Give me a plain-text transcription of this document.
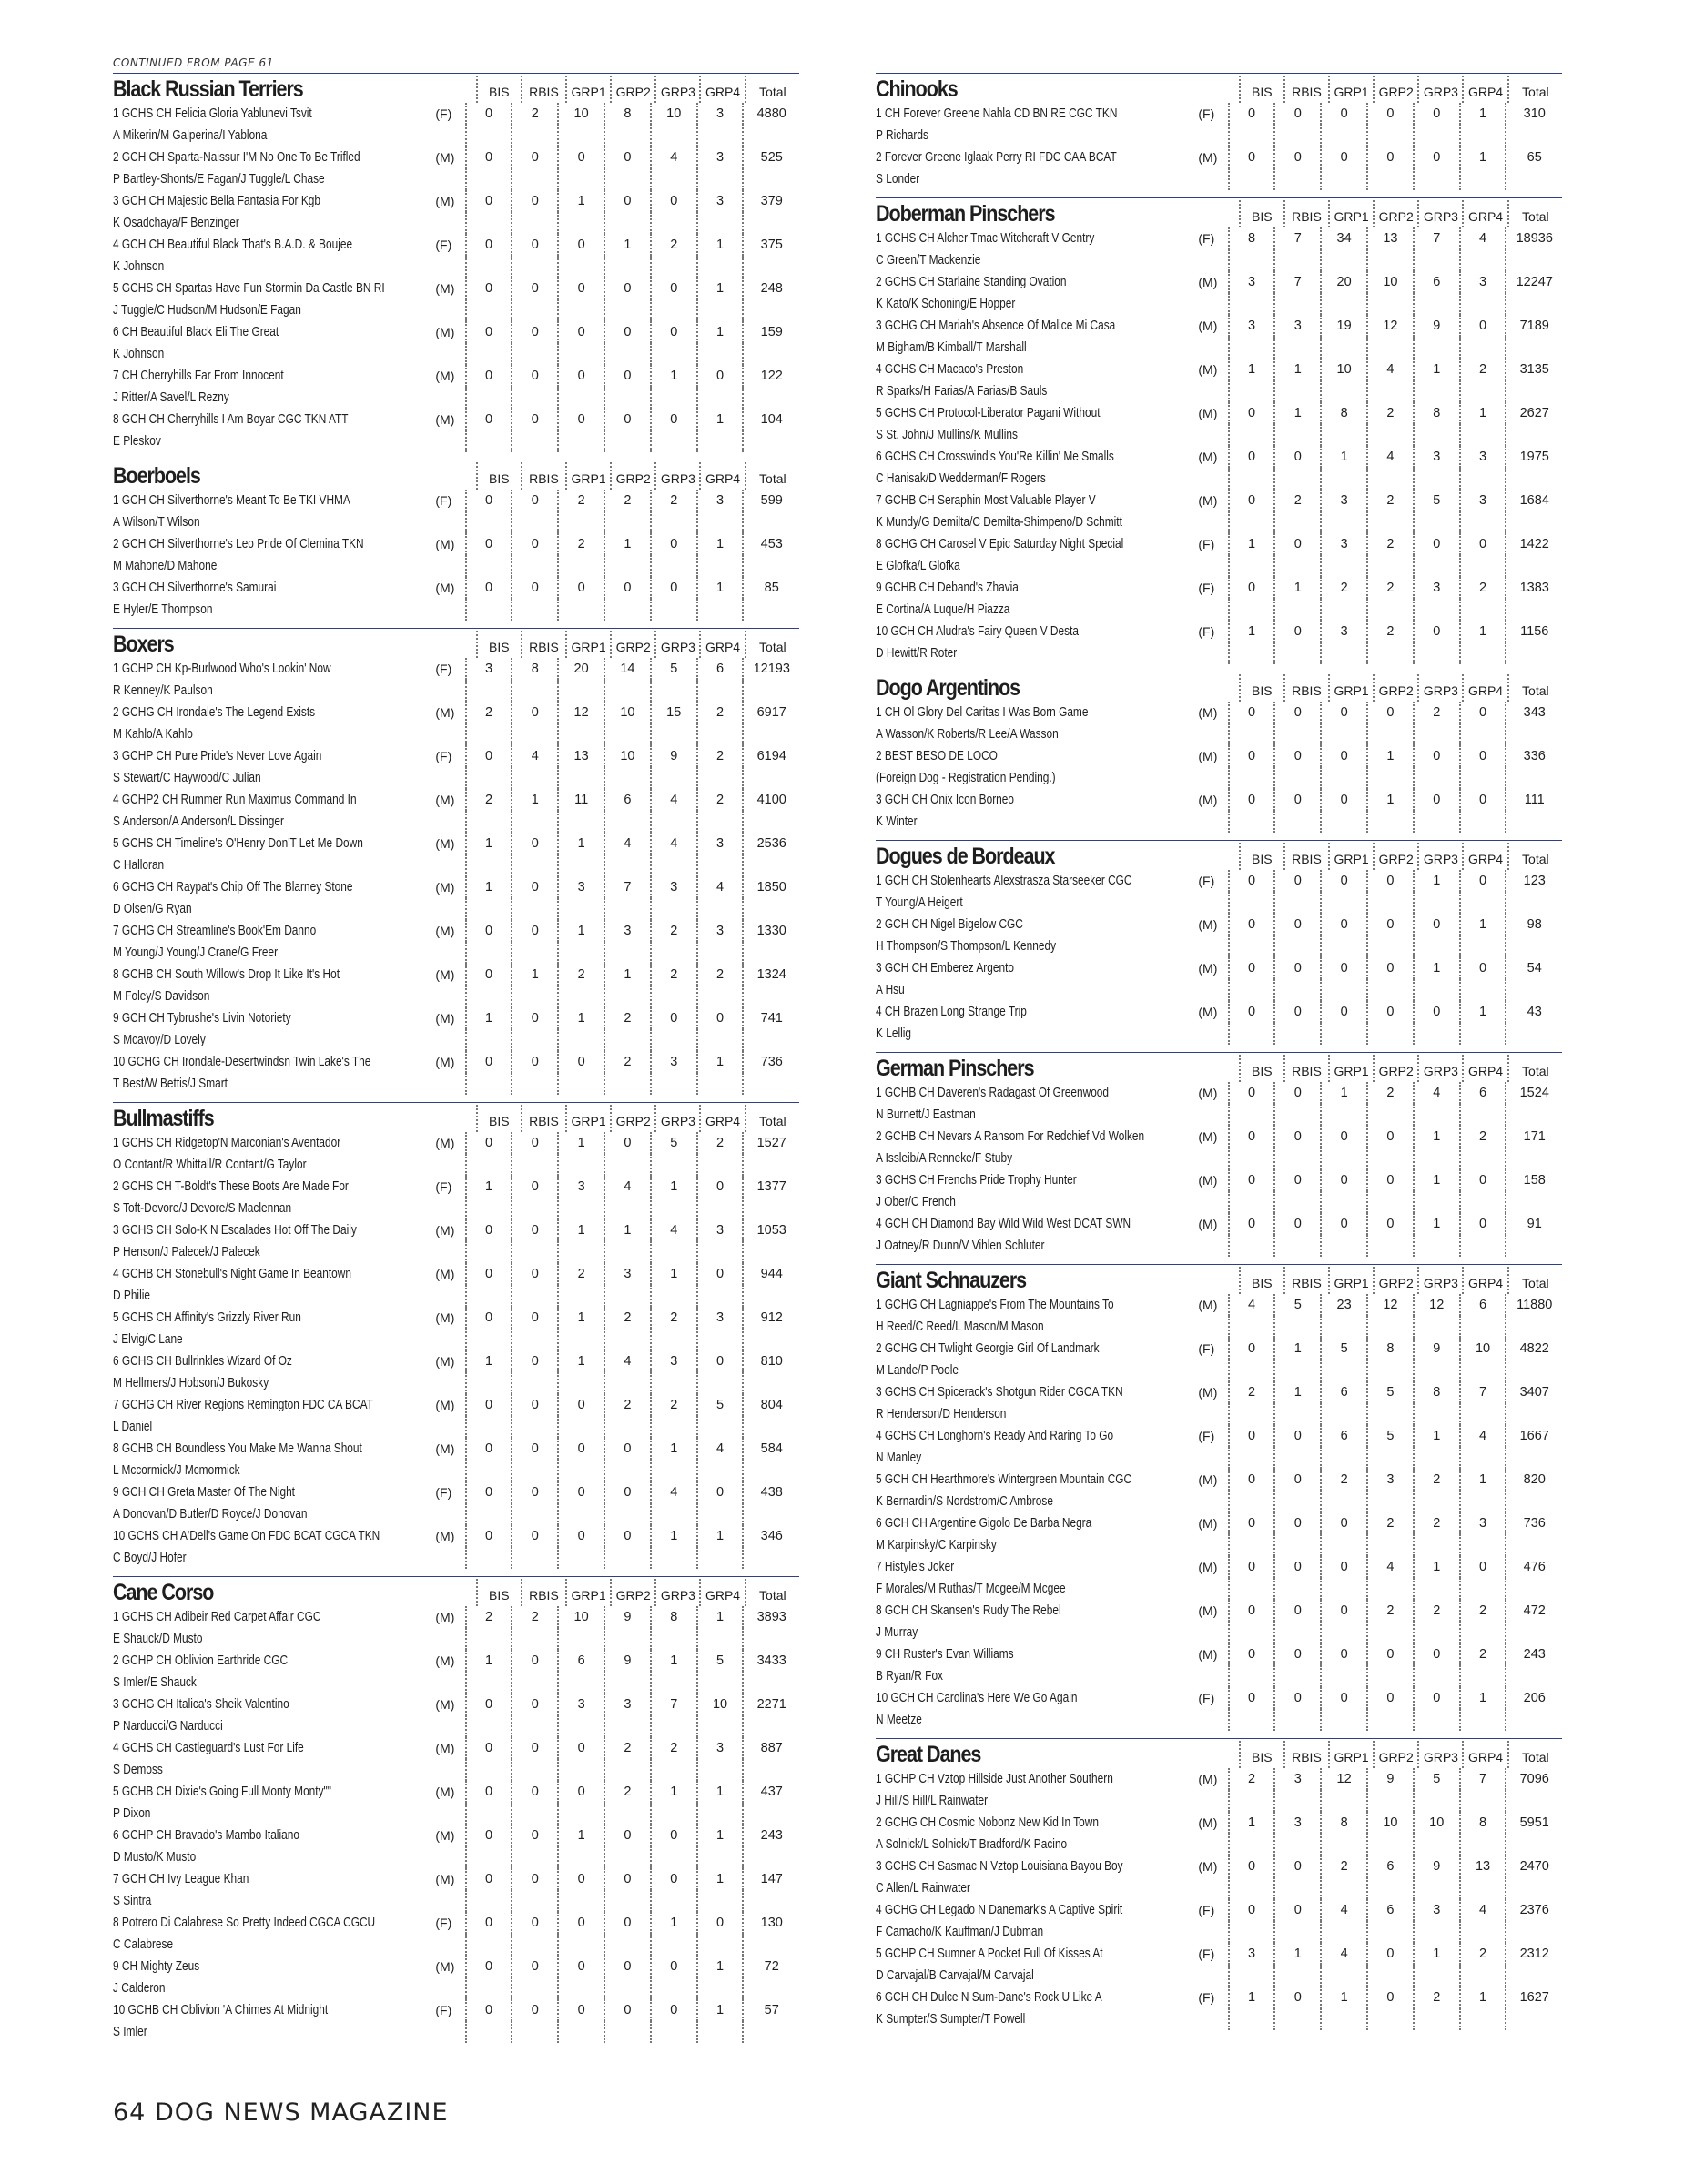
CONTINUED FROM PAGE 61
Black Russian Terriers	BIS	RBIS GRP1 GRP2 GRP3 GRP4	Total
1 GCHS CH Felicia Gloria Yablunevi Tsvit	(F)	0	2	10	8	10	3	4880
A Mikerin/M Galperina/I Yablona
2 GCH CH Sparta-Naissur I'M No One To Be Trifled	(M)	0	0	0	0	4	3	525
P Bartley-Shonts/E Fagan/J Tuggle/L Chase
3 GCH CH Majestic Bella Fantasia For Kgb	(M)	0	0	1	0	0	3	379
K Osadchaya/F Benzinger
4 GCH CH Beautiful Black That's B.A.D. & Boujee	(F)	0	0	0	1	2	1	375
K Johnson
5 GCHS CH Spartas Have Fun Stormin Da Castle BN RI	(M)	0	0	0	0	0	1	248
J Tuggle/C Hudson/M Hudson/E Fagan
6 CH Beautiful Black Eli The Great	(M)	0	0	0	0	0	1	159
K Johnson
7 CH Cherryhills Far From Innocent	(M)	0	0	0	0	1	0	122
J Ritter/A Savel/L Rezny
8 GCH CH Cherryhills I Am Boyar CGC TKN ATT	(M)	0	0	0	0	0	1	104
E Pleskov
Boerboels	BIS	RBIS GRP1 GRP2 GRP3 GRP4	Total
1 GCH CH Silverthorne's Meant To Be TKI VHMA	(F)	0	0	2	2	2	3	599
A Wilson/T Wilson
2 GCH CH Silverthorne's Leo Pride Of Clemina TKN	(M)	0	0	2	1	0	1	453
M Mahone/D Mahone
3 GCH CH Silverthorne's Samurai	(M)	0	0	0	0	0	1	85
E Hyler/E Thompson
Boxers	BIS	RBIS GRP1 GRP2 GRP3 GRP4	Total
1 GCHP CH Kp-Burlwood Who's Lookin' Now	(F)	3	8	20	14	5	6	12193
R Kenney/K Paulson
2 GCHG CH Irondale's The Legend Exists	(M)	2	0	12	10	15	2	6917
M Kahlo/A Kahlo
3 GCHP CH Pure Pride's Never Love Again	(F)	0	4	13	10	9	2	6194
S Stewart/C Haywood/C Julian
4 GCHP2 CH Rummer Run Maximus Command In	(M)	2	1	11	6	4	2	4100
S Anderson/A Anderson/L Dissinger
5 GCHS CH Timeline's O'Henry Don'T Let Me Down	(M)	1	0	1	4	4	3	2536
C Halloran
6 GCHG CH Raypat's Chip Off The Blarney Stone	(M)	1	0	3	7	3	4	1850
D Olsen/G Ryan
7 GCHG CH Streamline's Book'Em Danno	(M)	0	0	1	3	2	3	1330
M Young/J Young/J Crane/G Freer
8 GCHB CH South Willow's Drop It Like It's Hot	(M)	0	1	2	1	2	2	1324
M Foley/S Davidson
9 GCH CH Tybrushe's Livin Notoriety	(M)	1	0	1	2	0	0	741
S Mcavoy/D Lovely
10 GCHG CH Irondale-Desertwindsn Twin Lake's The	(M)	0	0	0	2	3	1	736
T Best/W Bettis/J Smart
Bullmastiffs	BIS	RBIS GRP1 GRP2 GRP3 GRP4	Total
1 GCHS CH Ridgetop'N Marconian's Aventador	(M)	0	0	1	0	5	2	1527
O Contant/R Whittall/R Contant/G Taylor
2 GCHS CH T-Boldt's These Boots Are Made For	(F)	1	0	3	4	1	0	1377
S Toft-Devore/J Devore/S Maclennan
3 GCHS CH Solo-K N Escalades Hot Off The Daily	(M)	0	0	1	1	4	3	1053
P Henson/J Palecek/J Palecek
4 GCHB CH Stonebull's Night Game In Beantown	(M)	0	0	2	3	1	0	944
D Philie
5 GCHS CH Affinity's Grizzly River Run	(M)	0	0	1	2	2	3	912
J Elvig/C Lane
6 GCHS CH Bullrinkles Wizard Of Oz	(M)	1	0	1	4	3	0	810
M Hellmers/J Hobson/J Bukosky
7 GCHG CH River Regions Remington FDC CA BCAT	(M)	0	0	0	2	2	5	804
L Daniel
8 GCHB CH Boundless You Make Me Wanna Shout	(M)	0	0	0	0	1	4	584
L Mccormick/J Mcmormick
9 GCH CH Greta Master Of The Night	(F)	0	0	0	0	4	0	438
A Donovan/D Butler/D Royce/J Donovan
10 GCHS CH A'Dell's Game On FDC BCAT CGCA TKN	(M)	0	0	0	0	1	1	346
C Boyd/J Hofer
Cane Corso	BIS	RBIS GRP1 GRP2 GRP3 GRP4	Total
1 GCHS CH Adibeir Red Carpet Affair CGC	(M)	2	2	10	9	8	1	3893
E Shauck/D Musto
2 GCHP CH Oblivion Earthride CGC	(M)	1	0	6	9	1	5	3433
S Imler/E Shauck
3 GCHG CH Italica's Sheik Valentino	(M)	0	0	3	3	7	10	2271
P Narducci/G Narducci
4 GCHS CH Castleguard's Lust For Life	(M)	0	0	0	2	2	3	887
S Demoss
5 GCHB CH Dixie's Going Full Monty Monty""	(M)	0	0	0	2	1	1	437
P Dixon
6 GCHP CH Bravado's Mambo Italiano	(M)	0	0	1	0	0	1	243
D Musto/K Musto
7 GCH CH Ivy League Khan	(M)	0	0	0	0	0	1	147
S Sintra
8 Potrero Di Calabrese So Pretty Indeed CGCA CGCU	(F)	0	0	0	0	1	0	130
C Calabrese
9 CH Mighty Zeus	(M)	0	0	0	0	0	1	72
J Calderon
10 GCHB CH Oblivion 'A Chimes At Midnight	(F)	0	0	0	0	0	1	57
S Imler
Chinooks	BIS	RBIS GRP1 GRP2 GRP3 GRP4	Total
1 CH Forever Greene Nahla CD BN RE CGC TKN	(F)	0	0	0	0	0	1	310
P Richards
2 Forever Greene Iglaak Perry RI FDC CAA BCAT	(M)	0	0	0	0	0	1	65
S Londer
Doberman Pinschers	BIS	RBIS GRP1 GRP2 GRP3 GRP4	Total
1 GCHS CH Alcher Tmac Witchcraft V Gentry	(F)	8	7	34	13	7	4	18936
C Green/T Mackenzie
2 GCHS CH Starlaine Standing Ovation	(M)	3	7	20	10	6	3	12247
K Kato/K Schoning/E Hopper
3 GCHG CH Mariah's Absence Of Malice Mi Casa	(M)	3	3	19	12	9	0	7189
M Bigham/B Kimball/T Marshall
4 GCHS CH Macaco's Preston	(M)	1	1	10	4	1	2	3135
R Sparks/H Farias/A Farias/B Sauls
5 GCHS CH Protocol-Liberator Pagani Without	(M)	0	1	8	2	8	1	2627
S St. John/J Mullins/K Mullins
6 GCHS CH Crosswind's You'Re Killin' Me Smalls	(M)	0	0	1	4	3	3	1975
C Hanisak/D Wedderman/F Rogers
7 GCHB CH Seraphin Most Valuable Player V	(M)	0	2	3	2	5	3	1684
K Mundy/G Demilta/C Demilta-Shimpeno/D Schmitt
8 GCHG CH Carosel V Epic Saturday Night Special	(F)	1	0	3	2	0	0	1422
E Glofka/L Glofka
9 GCHB CH Deband's Zhavia	(F)	0	1	2	2	3	2	1383
E Cortina/A Luque/H Piazza
10 GCH CH Aludra's Fairy Queen V Desta	(F)	1	0	3	2	0	1	1156
D Hewitt/R Roter
Dogo Argentinos	BIS	RBIS GRP1 GRP2 GRP3 GRP4	Total
1 CH Ol Glory Del Caritas I Was Born Game	(M)	0	0	0	0	2	0	343
A Wasson/K Roberts/R Lee/A Wasson
2 BEST BESO DE LOCO	(M)	0	0	0	1	0	0	336
(Foreign Dog - Registration Pending.)
3 GCH CH Onix Icon Borneo	(M)	0	0	0	1	0	0	111
K Winter
Dogues de Bordeaux	BIS	RBIS GRP1 GRP2 GRP3 GRP4	Total
1 GCH CH Stolenhearts Alexstrasza Starseeker CGC	(F)	0	0	0	0	1	0	123
T Young/A Heigert
2 GCH CH Nigel Bigelow CGC	(M)	0	0	0	0	0	1	98
H Thompson/S Thompson/L Kennedy
3 GCH CH Emberez Argento	(M)	0	0	0	0	1	0	54
A Hsu
4 CH Brazen Long Strange Trip	(M)	0	0	0	0	0	1	43
K Lellig
German Pinschers	BIS	RBIS GRP1 GRP2 GRP3 GRP4	Total
1 GCHB CH Daveren's Radagast Of Greenwood	(M)	0	0	1	2	4	6	1524
N Burnett/J Eastman
2 GCHB CH Nevars A Ransom For Redchief Vd Wolken	(M)	0	0	0	0	1	2	171
A Issleib/A Renneke/F Stuby
3 GCHS CH Frenchs Pride Trophy Hunter	(M)	0	0	0	0	1	0	158
J Ober/C French
4 GCH CH Diamond Bay Wild Wild West DCAT SWN	(M)	0	0	0	0	1	0	91
J Oatney/R Dunn/V Vihlen Schluter
Giant Schnauzers	BIS	RBIS GRP1 GRP2 GRP3 GRP4	Total
1 GCHG CH Lagniappe's From The Mountains To	(M)	4	5	23	12	12	6	11880
H Reed/C Reed/L Mason/M Mason
2 GCHG CH Twlight Georgie Girl Of Landmark	(F)	0	1	5	8	9	10	4822
M Lande/P Poole
3 GCHS CH Spicerack's Shotgun Rider CGCA TKN	(M)	2	1	6	5	8	7	3407
R Henderson/D Henderson
4 GCHS CH Longhorn's Ready And Raring To Go	(F)	0	0	6	5	1	4	1667
N Manley
5 GCH CH Hearthmore's Wintergreen Mountain CGC	(M)	0	0	2	3	2	1	820
K Bernardin/S Nordstrom/C Ambrose
6 GCH CH Argentine Gigolo De Barba Negra	(M)	0	0	0	2	2	3	736
M Karpinsky/C Karpinsky
7 Histyle's Joker	(M)	0	0	0	4	1	0	476
F Morales/M Ruthas/T Mcgee/M Mcgee
8 GCH CH Skansen's Rudy The Rebel	(M)	0	0	0	2	2	2	472
J Murray
9 CH Ruster's Evan Williams	(M)	0	0	0	0	0	2	243
B Ryan/R Fox
10 GCH CH Carolina's Here We Go Again	(F)	0	0	0	0	0	1	206
N Meetze
Great Danes	BIS	RBIS GRP1 GRP2 GRP3 GRP4	Total
1 GCHP CH Vztop Hillside Just Another Southern	(M)	2	3	12	9	5	7	7096
J Hill/S Hill/L Rainwater
2 GCHG CH Cosmic Nobonz New Kid In Town	(M)	1	3	8	10	10	8	5951
A Solnick/L Solnick/T Bradford/K Pacino
3 GCHS CH Sasmac N Vztop Louisiana Bayou Boy	(M)	0	0	2	6	9	13	2470
C Allen/L Rainwater
4 GCHG CH Legado N Danemark's A Captive Spirit	(F)	0	0	4	6	3	4	2376
F Camacho/K Kauffman/J Dubman
5 GCHP CH Sumner A Pocket Full Of Kisses At	(F)	3	1	4	0	1	2	2312
D Carvajal/B Carvajal/M Carvajal
6 GCH CH Dulce N Sum-Dane's Rock U Like A	(F)	1	0	1	0	2	1	1627
K Sumpter/S Sumpter/T Powell
64 DOG NEWS MAGAZINE
